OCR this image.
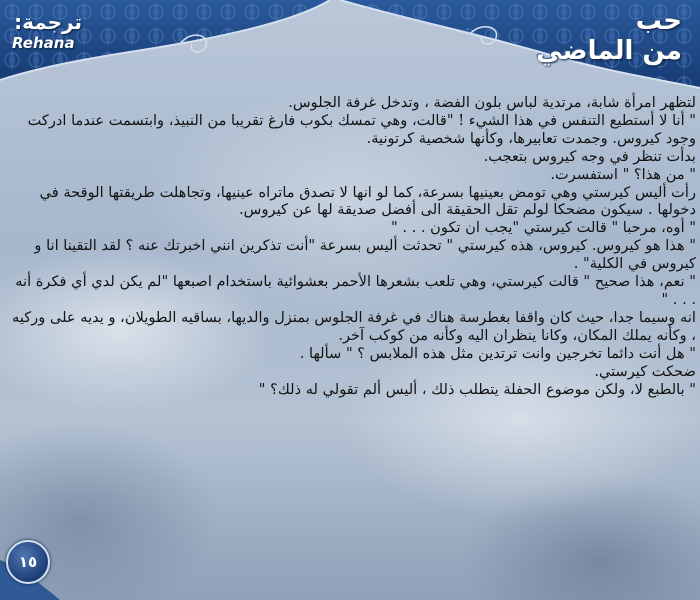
حب
من الماضي
ترجمة:
Rehana

لتظهر امرأة شابة، مرتدية لباس بلون الفضة ، وتدخل غرفة الجلوس.

" أنا لا أستطيع التنفس في هذا الشيء ! "قالت، وهي تمسك بكوب فارغ تقريبا من النبيذ، وابتسمت عندما ادركت وجود كيروس. وجمدت تعابيرها، وكأنها شخصية كرتونية.

بدأت تنظر في وجه كيروس بتعجب.

" من هذا؟ " استفسرت.

رأت أليس كيرستي وهي تومض بعينيها بسرعة، كما لو انها لا تصدق ماتراه عينيها، وتجاهلت طريقتها الوقحة في دخولها . سيكون مضحكا لولم تقل الحقيقة الى أفضل صديقة لها عن كيروس.

" أوه، مرحبا " قالت كيرستي "يجب ان تكون . . . "

" هذا هو كيروس. كيروس، هذه كيرستي " تحدثت أليس بسرعة "أنت تذكرين انني اخبرتك عنه ؟ لقد التقينا انا و كيروس في الكلية" .

" نعم، هذا صحيح " قالت كيرستي، وهي تلعب بشعرها الأحمر بعشوائية باستخدام اصبعها "لم يكن لدي أي فكرة أنه . . . "

انه وسيما جدا، حيث كان واقفا بغطرسة هناك في غرفة الجلوس بمنزل والديها، بساقيه الطويلان، و يديه على وركيه ، وكأنه يملك المكان، وكانا ينظران اليه وكأنه من كوكب آخر.

" هل أنت دائما تخرجين وانت ترتدين مثل هذه الملابس ؟ " سألها .

ضحكت كيرستي.

" بالطبع لا، ولكن موضوع الحفلة يتطلب ذلك ، أليس ألم تقولي له ذلك؟ "

١٥
